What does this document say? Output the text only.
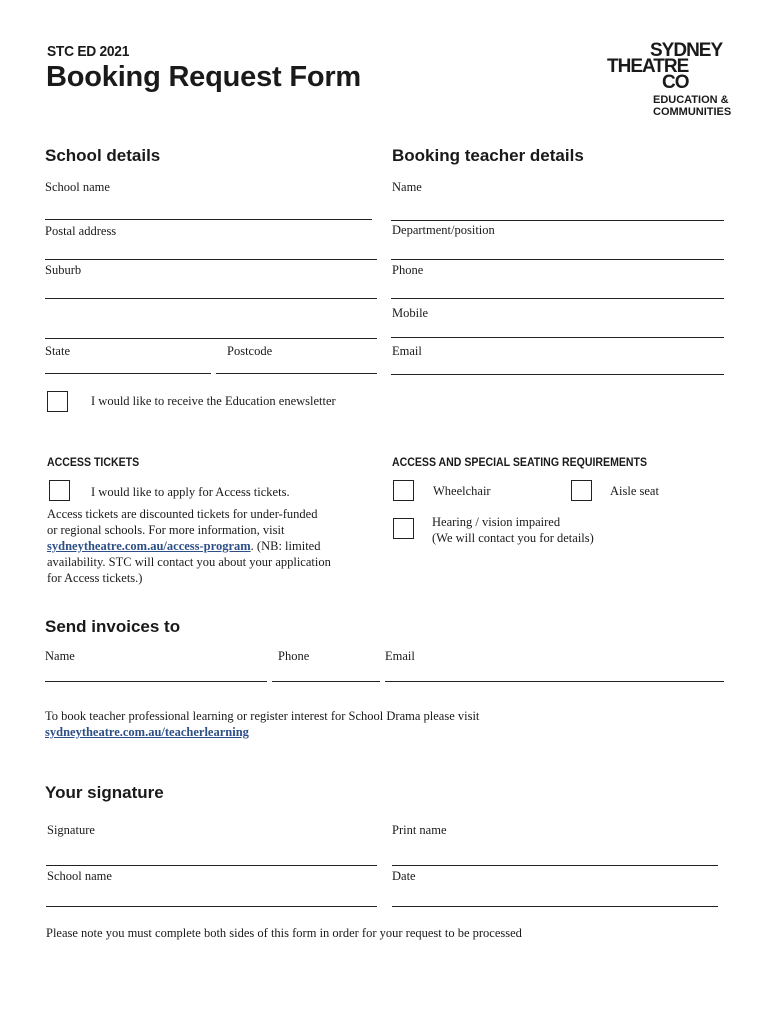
STC ED 2021
Booking Request Form
SYDNEY
THEATRE
CO
EDUCATION &
COMMUNITIES
School details
School name
Postal address
Suburb
State	Postcode
I would like to receive the Education enewsletter
Booking teacher details
Name
Department/position
Phone
Mobile
Email
ACCESS TICKETS
I would like to apply for Access tickets.
Access tickets are discounted tickets for under-funded
or regional schools. For more information, visit
sydneytheatre.com.au/access-program. (NB: limited
availability. STC will contact you about your application
for Access tickets.)
ACCESS AND SPECIAL SEATING REQUIREMENTS
Wheelchair	Aisle seat
Hearing / vision impaired
(We will contact you for details)
Send invoices to
Name	Phone	Email
To book teacher professional learning or register interest for School Drama please visit
sydneytheatre.com.au/teacherlearning
Your signature
Signature	Print name
School name	Date
Please note you must complete both sides of this form in order for your request to be processed
